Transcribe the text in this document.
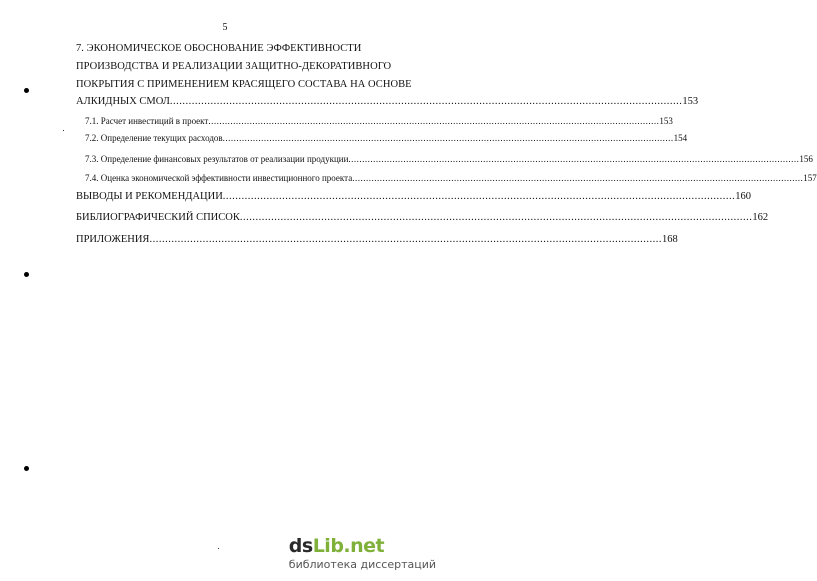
5
7. ЭКОНОМИЧЕСКОЕ ОБОСНОВАНИЕ ЭФФЕКТИВНОСТИ
ПРОИЗВОДСТВА И РЕАЛИЗАЦИИ ЗАЩИТНО-ДЕКОРАТИВНОГО
ПОКРЫТИЯ С ПРИМЕНЕНИЕМ КРАСЯЩЕГО СОСТАВА НА ОСНОВЕ
АЛКИДНЫХ СМОЛ .................................................................................................................................................................... 153
7.1. Расчет инвестиций в проект .................................................................................................................................................................... 153
7.2. Определение текущих расходов .................................................................................................................................................................... 154
7.3. Определение финансовых результатов от реализации продукции .................................................................................................................................................................... 156
7.4. Оценка экономической эффективности инвестиционного проекта .................................................................................................................................................................... 157
ВЫВОДЫ И РЕКОМЕНДАЦИИ .................................................................................................................................................................... 160
БИБЛИОГРАФИЧЕСКИЙ СПИСОК .................................................................................................................................................................... 162
ПРИЛОЖЕНИЯ .................................................................................................................................................................... 168
dsLib.net
библиотека диссертаций
